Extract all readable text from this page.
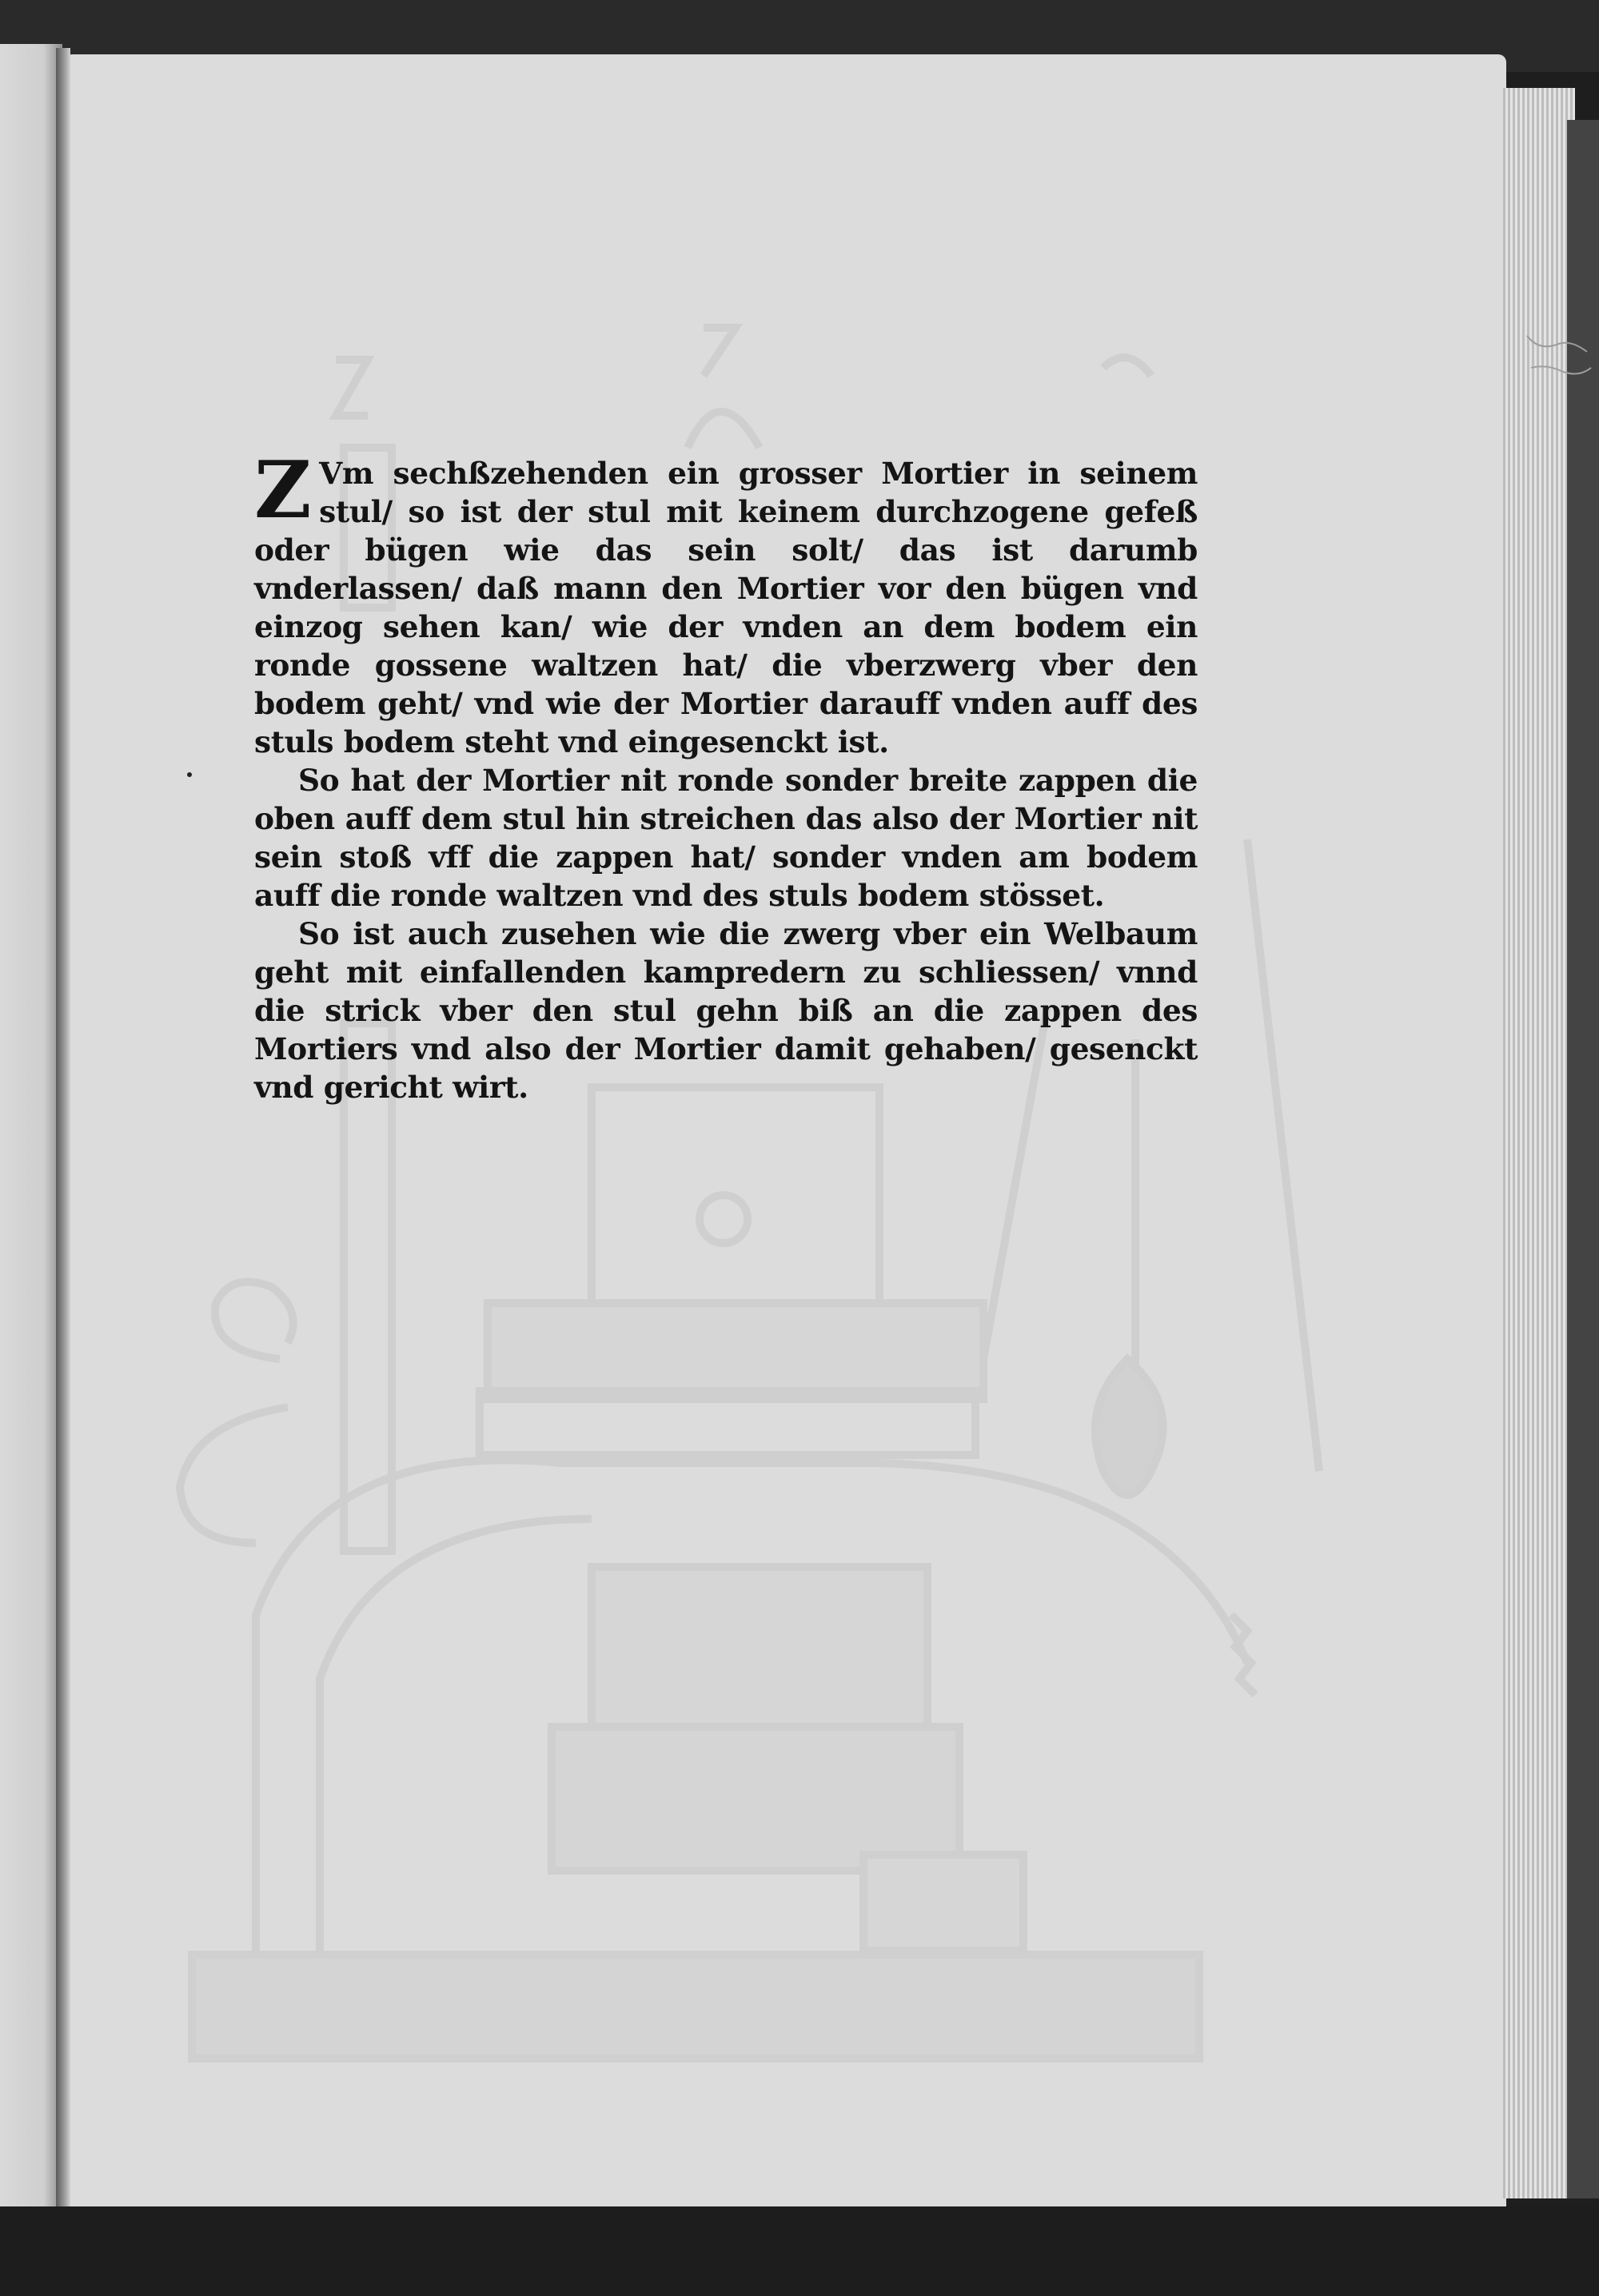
Z Vm sechßzehenden ein grosser Mortier in seinem stul/ so ist der stul mit keinem durchzogene gefeß oder bügen wie das sein solt/ das ist darumb vnderlassen/ daß mann den Mortier vor den bügen vnd einzog sehen kan/ wie der vnden an dem bodem ein ronde gossene waltzen hat/ die vberzwerg vber den bodem geht/ vnd wie der Mortier darauff vnden auff des stuls bodem steht vnd eingesenckt ist.

So hat der Mortier nit ronde sonder breite zappen die oben auff dem stul hin streichen das also der Mortier nit sein stoß vff die zappen hat/ sonder vnden am bodem auff die ronde waltzen vnd des stuls bodem stösset.

So ist auch zusehen wie die zwerg vber ein Welbaum geht mit einfallenden kampredern zu schliessen/ vnnd die strick vber den stul gehn biß an die zappen des Mortiers vnd also der Mortier damit gehaben/ gesenckt vnd gericht wirt.
